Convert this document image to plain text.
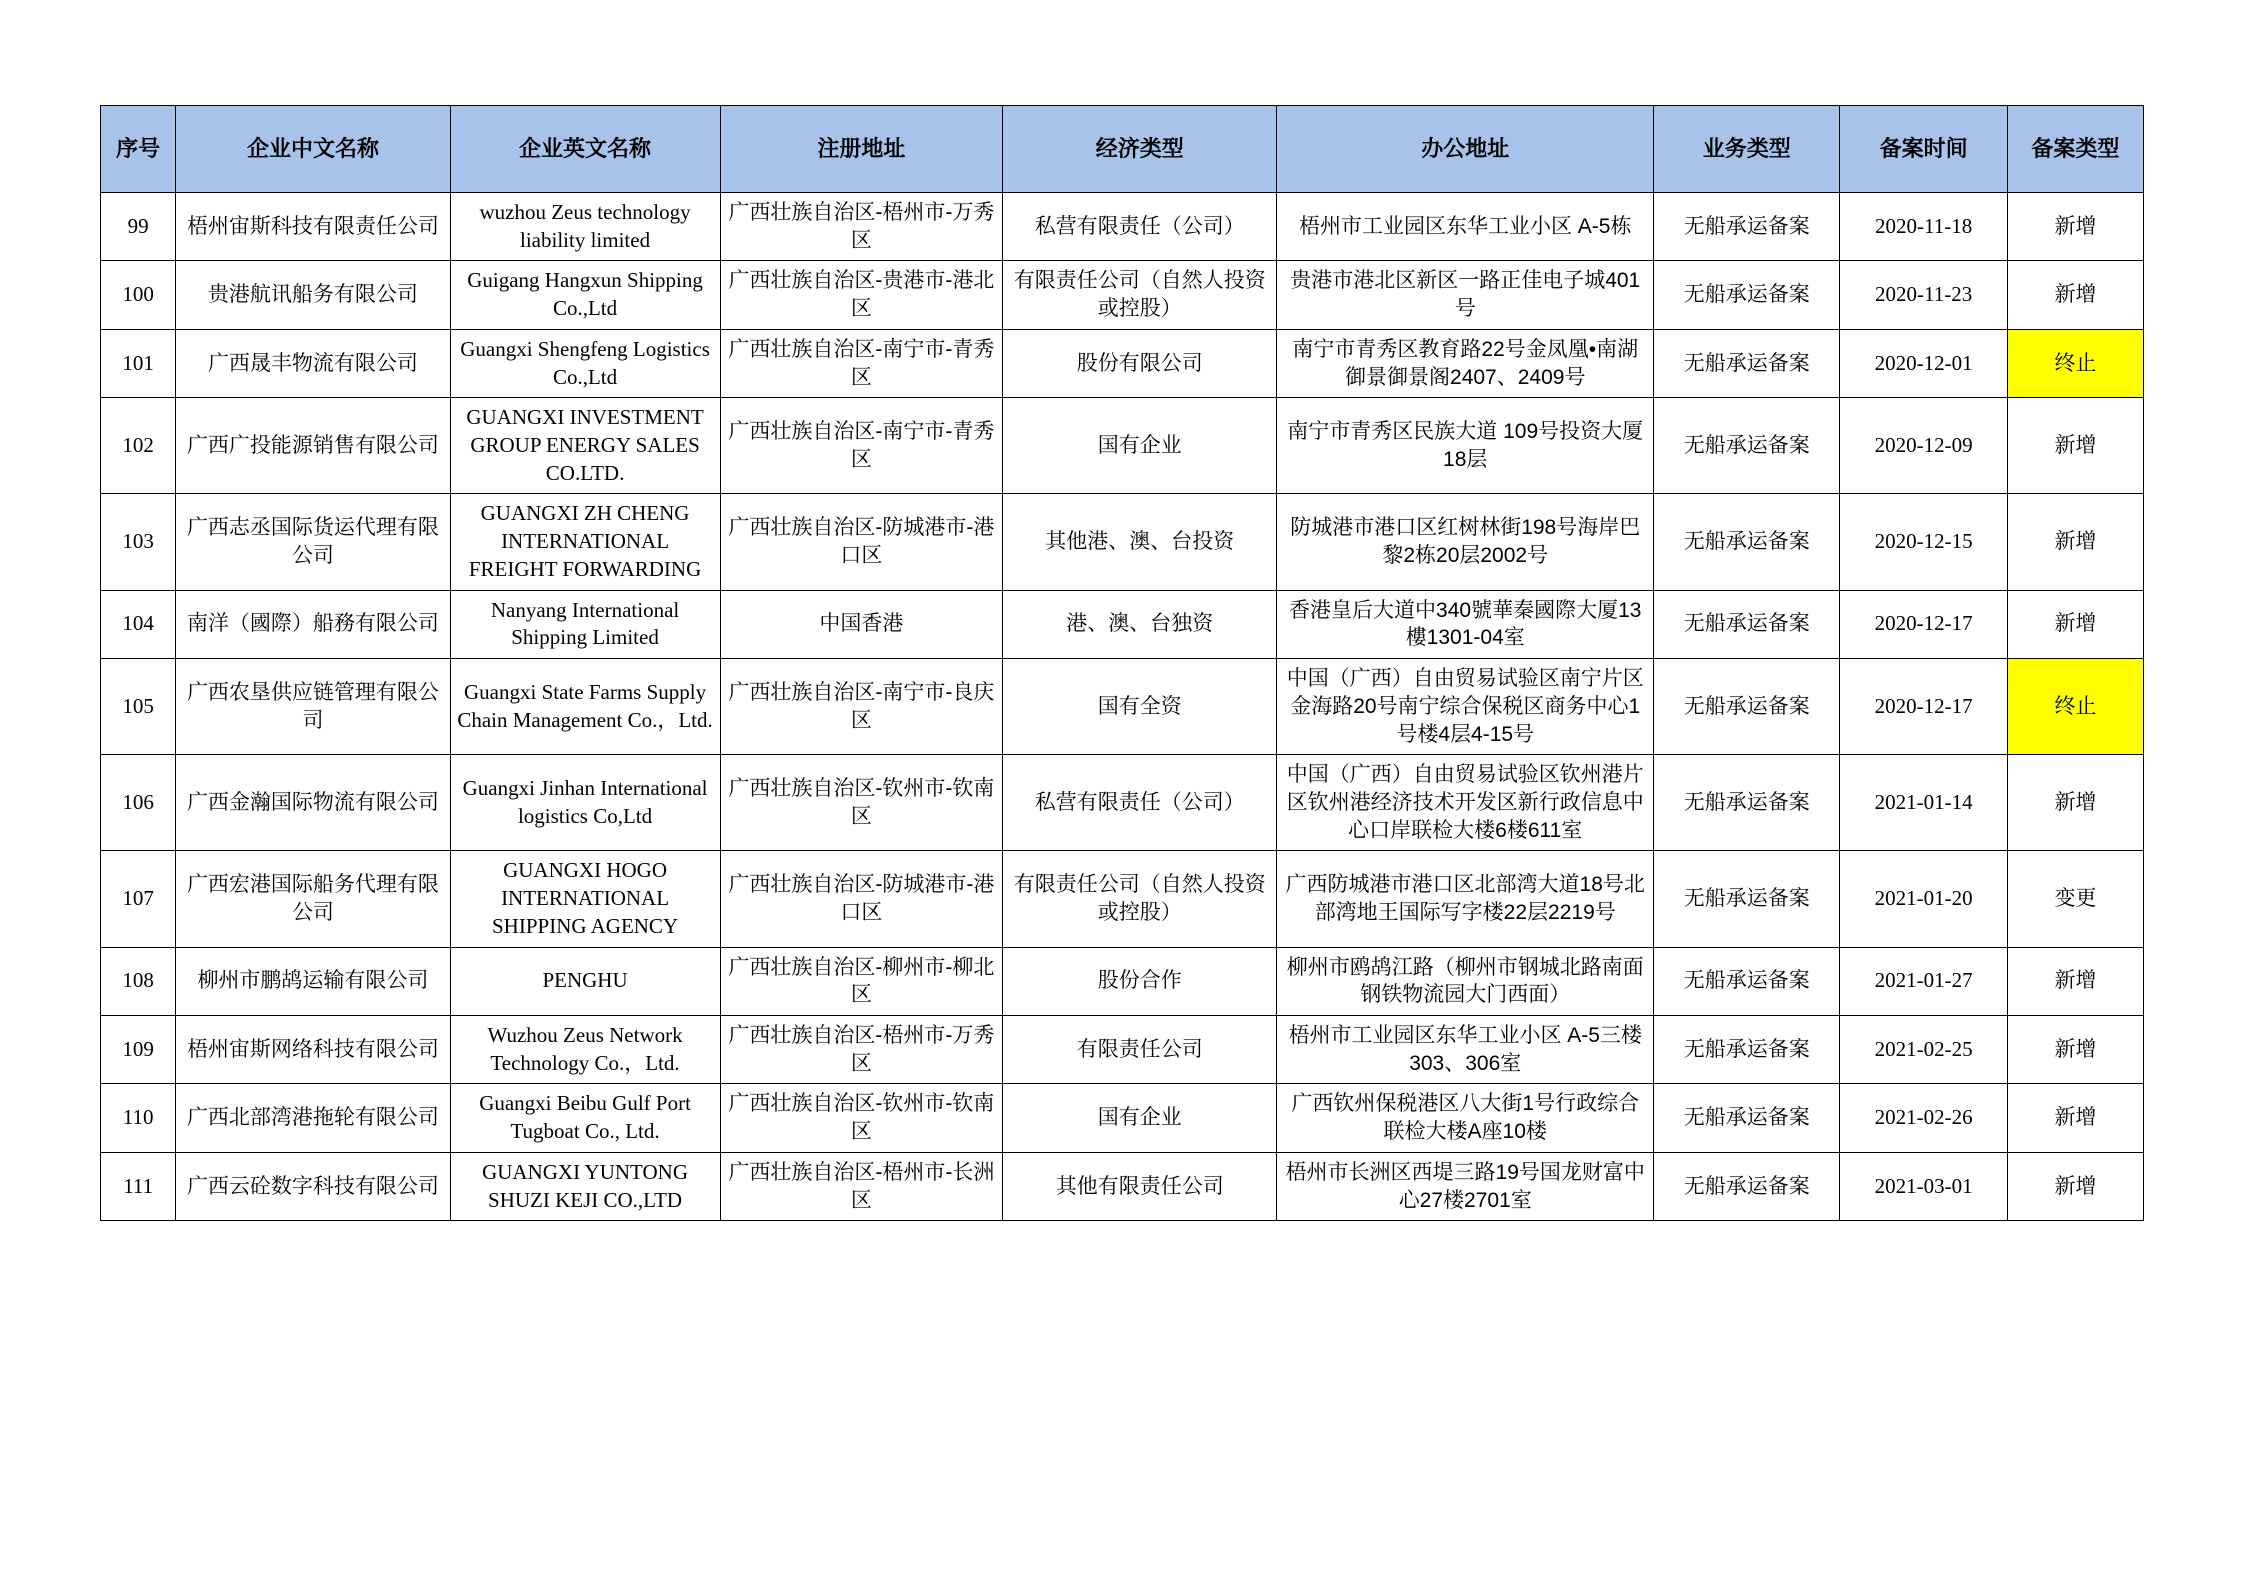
序号	企业中文名称	企业英文名称	注册地址	经济类型	办公地址	业务类型	备案时间	备案类型
99	梧州宙斯科技有限责任公司	wuzhou Zeus technology liability limited	广西壮族自治区-梧州市-万秀区	私营有限责任（公司）	梧州市工业园区东华工业小区 A-5栋	无船承运备案	2020-11-18	新增
100	贵港航讯船务有限公司	Guigang Hangxun Shipping Co.,Ltd	广西壮族自治区-贵港市-港北区	有限责任公司（自然人投资或控股）	贵港市港北区新区一路正佳电子城401号	无船承运备案	2020-11-23	新增
101	广西晟丰物流有限公司	Guangxi Shengfeng Logistics Co.,Ltd	广西壮族自治区-南宁市-青秀区	股份有限公司	南宁市青秀区教育路22号金凤凰•南湖御景御景阁2407、2409号	无船承运备案	2020-12-01	终止
102	广西广投能源销售有限公司	GUANGXI INVESTMENT GROUP ENERGY SALES CO.LTD.	广西壮族自治区-南宁市-青秀区	国有企业	南宁市青秀区民族大道 109号投资大厦18层	无船承运备案	2020-12-09	新增
103	广西志丞国际货运代理有限公司	GUANGXI ZH CHENG INTERNATIONAL FREIGHT FORWARDING	广西壮族自治区-防城港市-港口区	其他港、澳、台投资	防城港市港口区红树林街198号海岸巴黎2栋20层2002号	无船承运备案	2020-12-15	新增
104	南洋（國際）船務有限公司	Nanyang International Shipping Limited	中国香港	港、澳、台独资	香港皇后大道中340號華秦國際大厦13樓1301-04室	无船承运备案	2020-12-17	新增
105	广西农垦供应链管理有限公司	Guangxi State Farms Supply Chain Management Co.，Ltd.	广西壮族自治区-南宁市-良庆区	国有全资	中国（广西）自由贸易试验区南宁片区金海路20号南宁综合保税区商务中心1号楼4层4-15号	无船承运备案	2020-12-17	终止
106	广西金瀚国际物流有限公司	Guangxi Jinhan International logistics Co,Ltd	广西壮族自治区-钦州市-钦南区	私营有限责任（公司）	中国（广西）自由贸易试验区钦州港片区钦州港经济技术开发区新行政信息中心口岸联检大楼6楼611室	无船承运备案	2021-01-14	新增
107	广西宏港国际船务代理有限公司	GUANGXI HOGO INTERNATIONAL SHIPPING AGENCY	广西壮族自治区-防城港市-港口区	有限责任公司（自然人投资或控股）	广西防城港市港口区北部湾大道18号北部湾地王国际写字楼22层2219号	无船承运备案	2021-01-20	变更
108	柳州市鹏鸪运输有限公司	PENGHU	广西壮族自治区-柳州市-柳北区	股份合作	柳州市鸥鸪江路（柳州市钢城北路南面钢铁物流园大门西面）	无船承运备案	2021-01-27	新增
109	梧州宙斯网络科技有限公司	Wuzhou Zeus Network Technology Co.，Ltd.	广西壮族自治区-梧州市-万秀区	有限责任公司	梧州市工业园区东华工业小区 A-5三楼303、306室	无船承运备案	2021-02-25	新增
110	广西北部湾港拖轮有限公司	Guangxi Beibu Gulf Port Tugboat Co., Ltd.	广西壮族自治区-钦州市-钦南区	国有企业	广西钦州保税港区八大街1号行政综合联检大楼A座10楼	无船承运备案	2021-02-26	新增
111	广西云砼数字科技有限公司	GUANGXI YUNTONG SHUZI KEJI CO.,LTD	广西壮族自治区-梧州市-长洲区	其他有限责任公司	梧州市长洲区西堤三路19号国龙财富中心27楼2701室	无船承运备案	2021-03-01	新增
